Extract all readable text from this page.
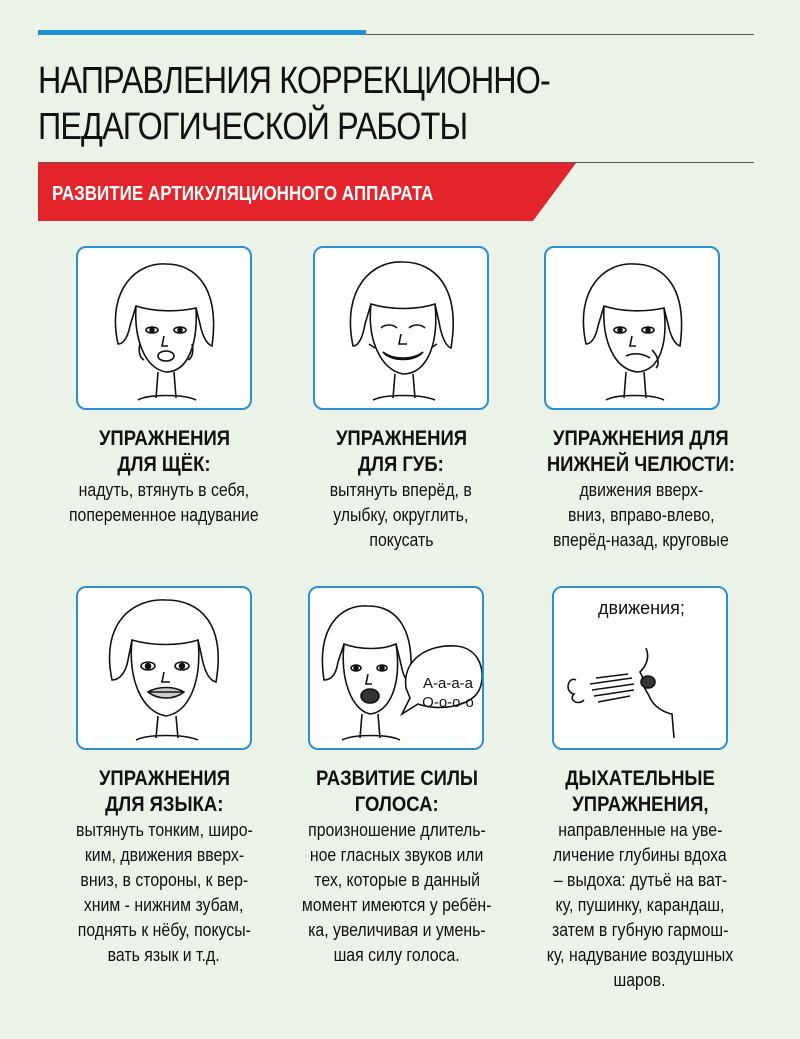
НАПРАВЛЕНИЯ КОРРЕКЦИОННО-
ПЕДАГОГИЧЕСКОЙ РАБОТЫ
РАЗВИТИЕ АРТИКУЛЯЦИОННОГО АППАРАТА
УПРАЖНЕНИЯ
ДЛЯ ЩЁК:
надуть, втянуть в себя,
попеременное надувание
УПРАЖНЕНИЯ
ДЛЯ ГУБ:
вытянуть вперёд, в
улыбку, округлить,
покусать
УПРАЖНЕНИЯ ДЛЯ
НИЖНЕЙ ЧЕЛЮСТИ:
движения вверх-
вниз, вправо-влево,
вперёд-назад, круговые
УПРАЖНЕНИЯ
ДЛЯ ЯЗЫКА:
вытянуть тонким, широ-
ким, движения вверх-
вниз, в стороны, к вер-
хним - нижним зубам,
поднять к нёбу, покусы-
вать язык и т.д.
А-а-а-а
О-о-о-о
РАЗВИТИЕ СИЛЫ
ГОЛОСА:
произношение длитель-
ное гласных звуков или
тех, которые в данный
момент имеются у ребён-
ка, увеличивая и умень-
шая силу голоса.
движения;
ДЫХАТЕЛЬНЫЕ
УПРАЖНЕНИЯ,
направленные на уве-
личение глубины вдоха
– выдоха: дутьё на ват-
ку, пушинку, карандаш,
затем в губную гармош-
ку, надувание воздушных
шаров.
